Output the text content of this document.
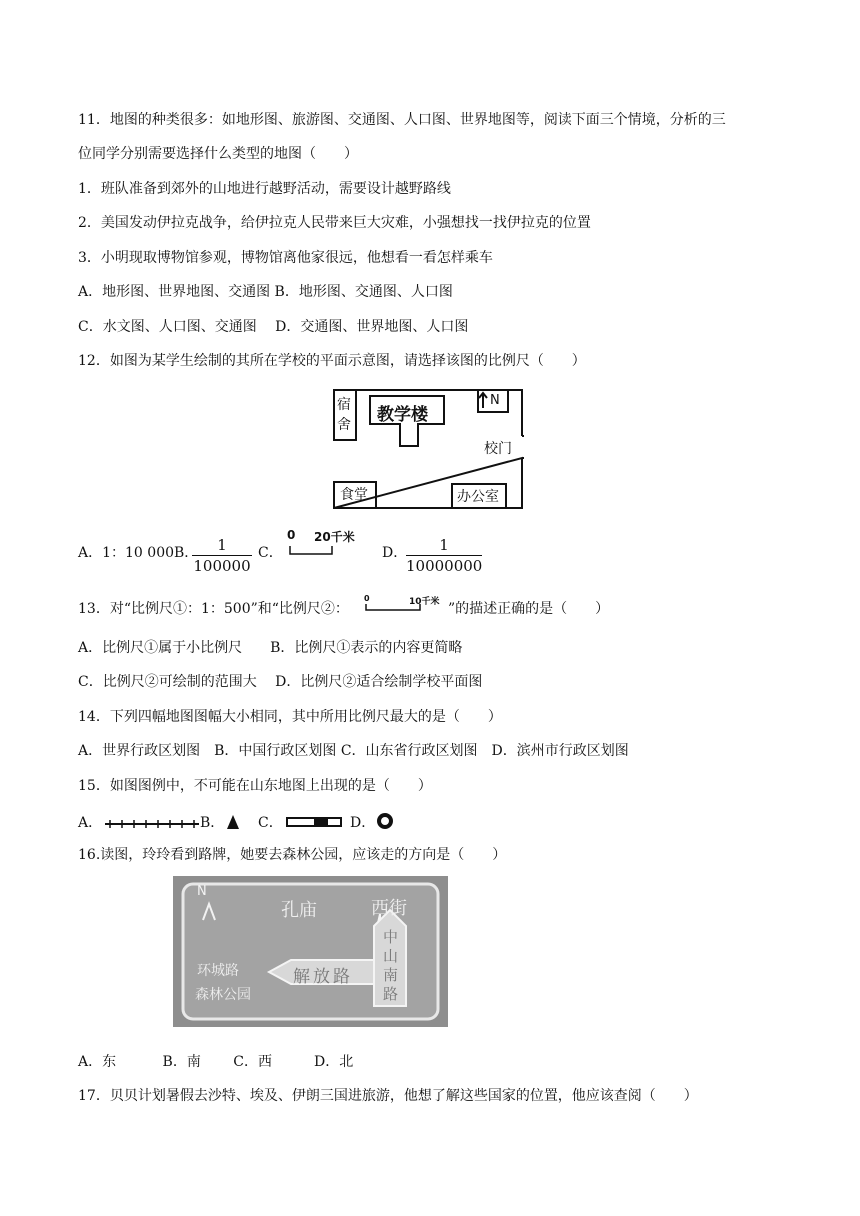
11．地图的种类很多：如地形图、旅游图、交通图、人口图、世界地图等，阅读下面三个情境，分析的三
位同学分别需要选择什么类型的地图（　　）
1．班队准备到郊外的山地进行越野活动，需要设计越野路线
2．美国发动伊拉克战争，给伊拉克人民带来巨大灾难，小强想找一找伊拉克的位置
3．小明现取博物馆参观，博物馆离他家很远，他想看一看怎样乘车
A．地形图、世界地图、交通图 B．地形图、交通图、人口图
C．水文图、人口图、交通图　 D．交通图、世界地图、人口图
12．如图为某学生绘制的其所在学校的平面示意图，请选择该图的比例尺（　　）
宿
舍 教学楼
N
校门
食堂	办公室
A．1：10 000B．
$\frac{1}{100000}$ C．
0 20千米
D．
$\frac{1}{10000000}$
13．对“比例尺①：1：500”和“比例尺②：
0	10千米 ”的描述正确的是（　　）
A．比例尺①属于小比例尺　　B．比例尺①表示的内容更简略
C．比例尺②可绘制的范围大　 D．比例尺②适合绘制学校平面图
14．下列四幅地图图幅大小相同，其中所用比例尺最大的是（　　）
A．世界行政区划图　B．中国行政区划图 C．山东省行政区划图　D．滨州市行政区划图
15．如图图例中，不可能在山东地图上出现的是（　　）
A．	B． C．	D．
16.读图，玲玲看到路牌，她要去森林公园，应该走的方向是（　　）
N
孔庙	西街
环城路
森林公园
解放路
中山南路
A．东　　　 B．南　　 C．西　　　D．北
17．贝贝计划暑假去沙特、埃及、伊朗三国进旅游，他想了解这些国家的位置，他应该查阅（　　）
